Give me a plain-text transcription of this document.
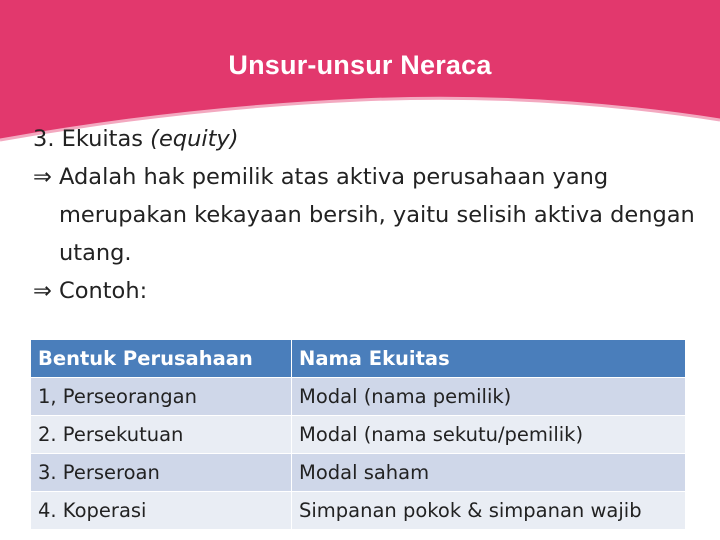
Unsur-unsur Neraca

3. Ekuitas (equity)

⇒ Adalah hak pemilik atas aktiva perusahaan yang merupakan kekayaan bersih, yaitu selisih aktiva dengan utang.

⇒ Contoh:

Bentuk Perusahaan	Nama Ekuitas
1, Perseorangan	Modal (nama pemilik)
2. Persekutuan	Modal (nama sekutu/pemilik)
3. Perseroan	Modal saham
4. Koperasi	Simpanan pokok & simpanan wajib
